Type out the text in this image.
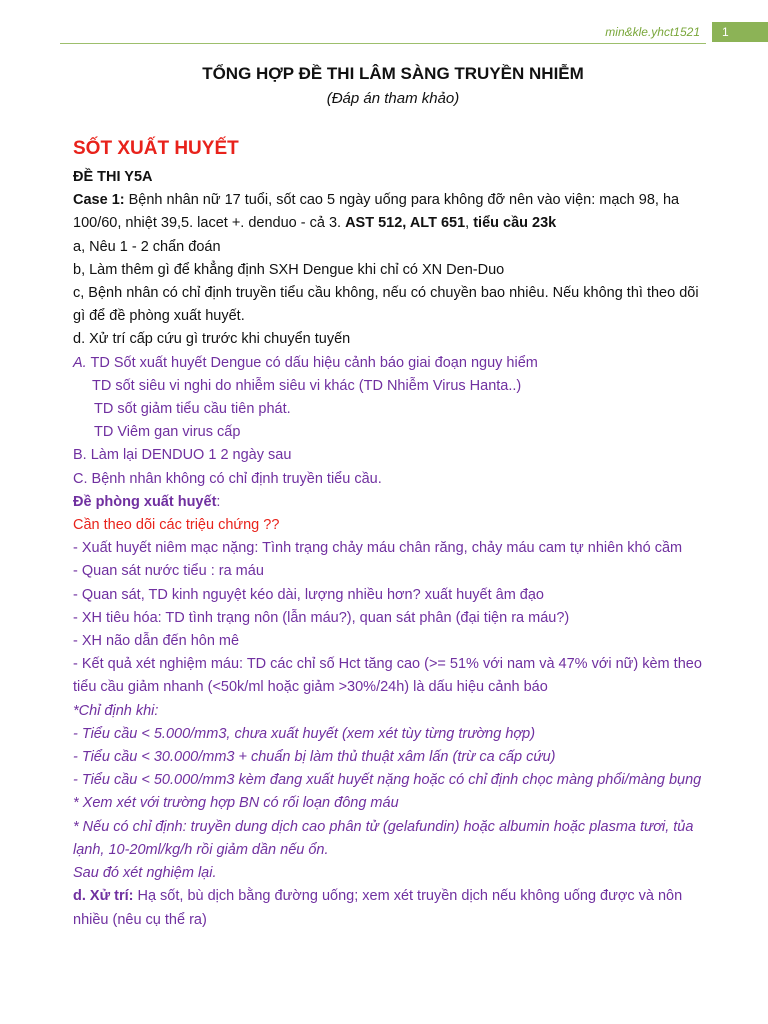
min&kle.yhct1521	1
TỔNG HỢP ĐỀ THI LÂM SÀNG TRUYỀN NHIỄM

(Đáp án tham khảo)

SỐT XUẤT HUYẾT

ĐỀ THI Y5A

Case 1: Bệnh nhân nữ 17 tuổi, sốt cao 5 ngày uống para không đỡ nên vào viện: mạch 98, ha 100/60, nhiệt 39,5. lacet +. denduo - cả 3. AST 512, ALT 651, tiểu cầu 23k

a, Nêu 1 - 2 chẩn đoán

b, Làm thêm gì để khẳng định SXH Dengue khi chỉ có XN Den-Duo

c, Bệnh nhân có chỉ định truyền tiểu cầu không, nếu có chuyền bao nhiêu. Nếu không thì theo dõi gì để đề phòng xuất huyết.

d. Xử trí cấp cứu gì trước khi chuyển tuyến

A. TD Sốt xuất huyết Dengue có dấu hiệu cảnh báo giai đoạn nguy hiểm

TD sốt siêu vi nghi do nhiễm siêu vi khác (TD Nhiễm Virus Hanta..)

TD sốt giảm tiểu cầu tiên phát.

TD Viêm gan virus cấp

B. Làm lại DENDUO 1 2 ngày sau

C. Bệnh nhân không có chỉ định truyền tiểu cầu.

Đề phòng xuất huyết:

Cần theo dõi các triệu chứng ??

- Xuất huyết niêm mạc nặng: Tình trạng chảy máu chân răng, chảy máu cam tự nhiên khó cầm

- Quan sát nước tiểu : ra máu

- Quan sát, TD kinh nguyệt kéo dài, lượng nhiều hơn? xuất huyết âm đạo

- XH tiêu hóa: TD tình trạng nôn (lẫn máu?), quan sát phân (đại tiện ra máu?)

- XH não dẫn đến hôn mê

- Kết quả xét nghiệm máu: TD các chỉ số Hct tăng cao (>= 51% với nam và 47% với nữ) kèm theo tiểu cầu giảm nhanh (<50k/ml hoặc giảm >30%/24h) là dấu hiệu cảnh báo

*Chỉ định khi:

- Tiểu cầu < 5.000/mm3, chưa xuất huyết (xem xét tùy từng trường hợp)

- Tiểu cầu < 30.000/mm3 + chuẩn bị làm thủ thuật xâm lấn (trừ ca cấp cứu)

- Tiểu cầu < 50.000/mm3 kèm đang xuất huyết nặng hoặc có chỉ định chọc màng phổi/màng bụng

* Xem xét với trường hợp BN có rối loạn đông máu

* Nếu có chỉ định: truyền dung dịch cao phân tử (gelafundin) hoặc albumin hoặc plasma tươi, tủa lạnh, 10-20ml/kg/h rồi giảm dần nếu ổn.

Sau đó xét nghiệm lại.

d. Xử trí: Hạ sốt, bù dịch bằng đường uống; xem xét truyền dịch nếu không uống được và nôn nhiều (nêu cụ thể ra)
